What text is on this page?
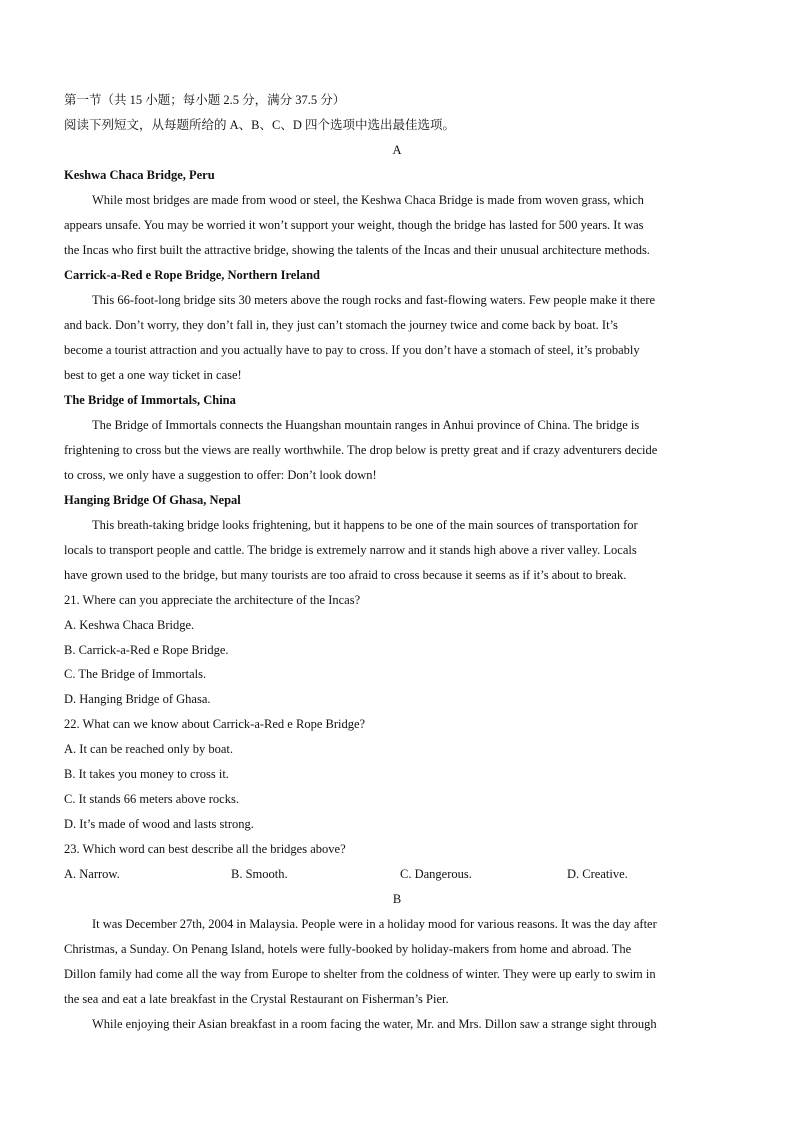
第一节（共 15 小题；每小题 2.5 分，满分 37.5 分）
阅读下列短文，从每题所给的 A、B、C、D 四个选项中选出最佳选项。
A
Keshwa Chaca Bridge, Peru
While most bridges are made from wood or steel, the Keshwa Chaca Bridge is made from woven grass, which
appears unsafe. You may be worried it won’t support your weight, though the bridge has lasted for 500 years. It was
the Incas who first built the attractive bridge, showing the talents of the Incas and their unusual architecture methods.
Carrick-a-Red e Rope Bridge, Northern Ireland
This 66-foot-long bridge sits 30 meters above the rough rocks and fast-flowing waters. Few people make it there
and back. Don’t worry, they don’t fall in, they just can’t stomach the journey twice and come back by boat. It’s
become a tourist attraction and you actually have to pay to cross. If you don’t have a stomach of steel, it’s probably
best to get a one way ticket in case!
The Bridge of Immortals, China
The Bridge of Immortals connects the Huangshan mountain ranges in Anhui province of China. The bridge is
frightening to cross but the views are really worthwhile. The drop below is pretty great and if crazy adventurers decide
to cross, we only have a suggestion to offer: Don’t look down!
Hanging Bridge Of Ghasa, Nepal
This breath-taking bridge looks frightening, but it happens to be one of the main sources of transportation for
locals to transport people and cattle. The bridge is extremely narrow and it stands high above a river valley. Locals
have grown used to the bridge, but many tourists are too afraid to cross because it seems as if it’s about to break.
21. Where can you appreciate the architecture of the Incas?
A. Keshwa Chaca Bridge.
B. Carrick-a-Red e Rope Bridge.
C. The Bridge of Immortals.
D. Hanging Bridge of Ghasa.
22. What can we know about Carrick-a-Red e Rope Bridge?
A. It can be reached only by boat.
B. It takes you money to cross it.
C. It stands 66 meters above rocks.
D. It’s made of wood and lasts strong.
23. Which word can best describe all the bridges above?
A. Narrow.	B. Smooth.	C. Dangerous.	D. Creative.
B
It was December 27th, 2004 in Malaysia. People were in a holiday mood for various reasons. It was the day after
Christmas, a Sunday. On Penang Island, hotels were fully-booked by holiday-makers from home and abroad. The
Dillon family had come all the way from Europe to shelter from the coldness of winter. They were up early to swim in
the sea and eat a late breakfast in the Crystal Restaurant on Fisherman’s Pier.
While enjoying their Asian breakfast in a room facing the water, Mr. and Mrs. Dillon saw a strange sight through
